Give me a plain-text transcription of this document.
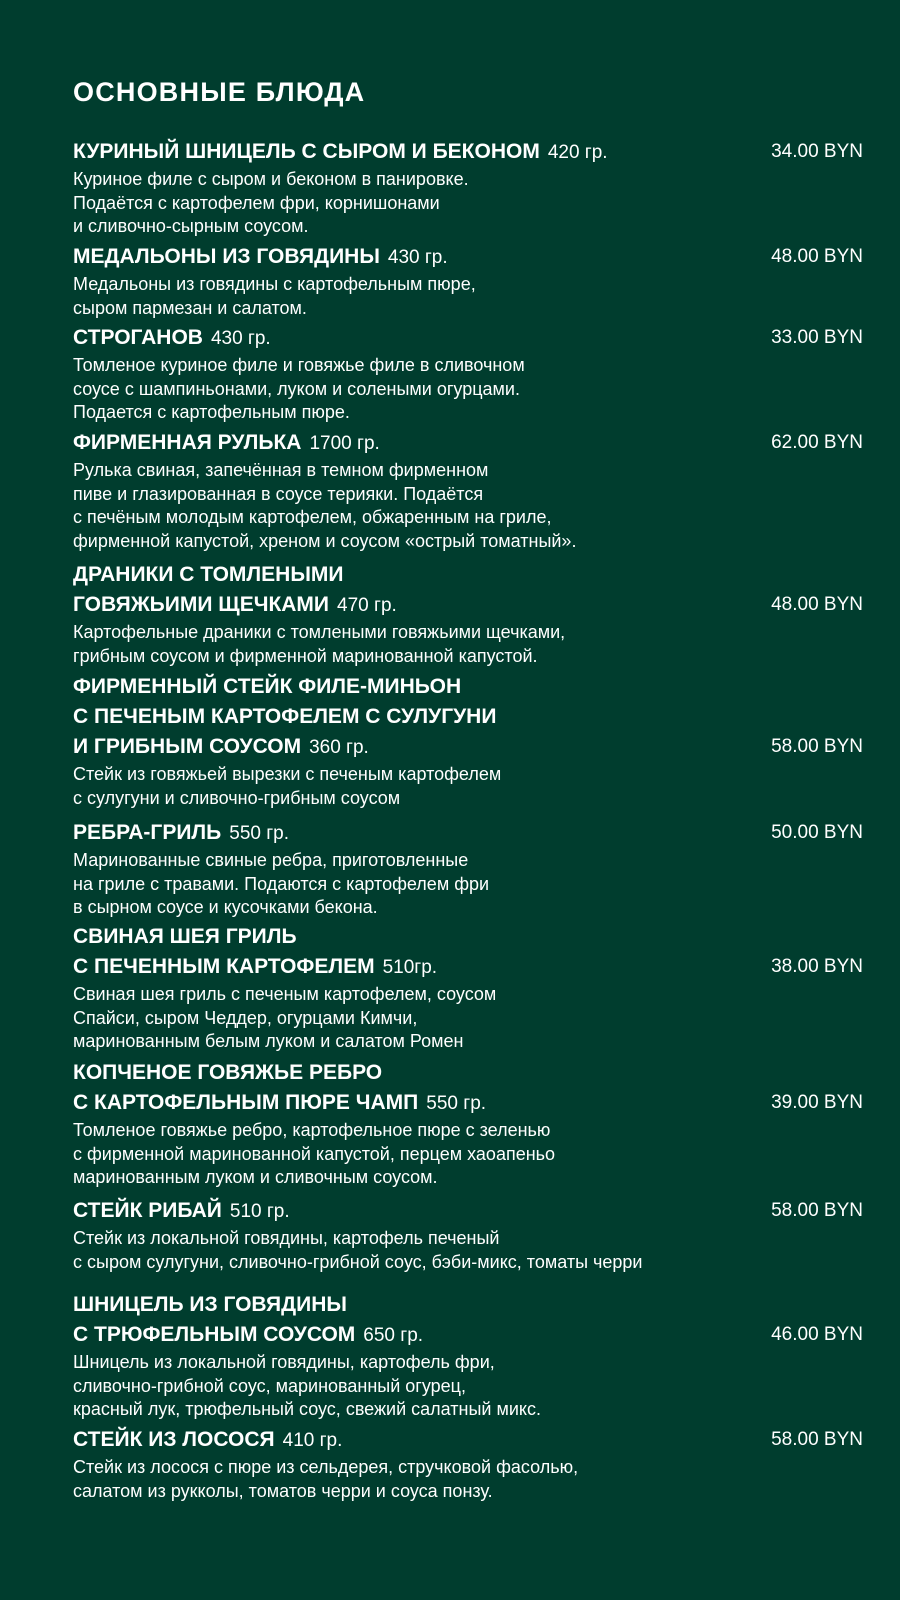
ОСНОВНЫЕ БЛЮДА
КУРИНЫЙ ШНИЦЕЛЬ С СЫРОМ И БЕКОНОМ 420 гр.	34.00 BYN
Куриное филе с сыром и беконом в панировке.
Подаётся с картофелем фри, корнишонами
и сливочно-сырным соусом.
МЕДАЛЬОНЫ ИЗ ГОВЯДИНЫ 430 гр.	48.00 BYN
Медальоны из говядины с картофельным пюре,
сыром пармезан и салатом.
СТРОГАНОВ 430 гр.	33.00 BYN
Томленое куриное филе и говяжье филе в сливочном
соусе с шампиньонами, луком и солеными огурцами.
Подается с картофельным пюре.
ФИРМЕННАЯ РУЛЬКА 1700 гр.	62.00 BYN
Рулька свиная, запечённая в темном фирменном
пиве и глазированная в соусе терияки. Подаётся
с печёным молодым картофелем, обжаренным на гриле,
фирменной капустой, хреном и соусом «острый томатный».
ДРАНИКИ С ТОМЛЕНЫМИ
ГОВЯЖЬИМИ ЩЕЧКАМИ 470 гр.	48.00 BYN
Картофельные драники с томлеными говяжьими щечками,
грибным соусом и фирменной маринованной капустой.
ФИРМЕННЫЙ СТЕЙК ФИЛЕ-МИНЬОН
С ПЕЧЕНЫМ КАРТОФЕЛЕМ С СУЛУГУНИ
И ГРИБНЫМ СОУСОМ 360 гр.	58.00 BYN
Стейк из говяжьей вырезки с печеным картофелем
с сулугуни и сливочно-грибным соусом
РЕБРА-ГРИЛЬ 550 гр.	50.00 BYN
Маринованные свиные ребра, приготовленные
на гриле с травами. Подаются с картофелем фри
в сырном соусе и кусочками бекона.
СВИНАЯ ШЕЯ ГРИЛЬ
С ПЕЧЕННЫМ КАРТОФЕЛЕМ 510гр.	38.00 BYN
Свиная шея гриль с печеным картофелем, соусом
Спайси, сыром Чеддер, огурцами Кимчи,
маринованным белым луком и салатом Ромен
КОПЧЕНОЕ ГОВЯЖЬЕ РЕБРО
С КАРТОФЕЛЬНЫМ ПЮРЕ ЧАМП 550 гр.	39.00 BYN
Томленое говяжье ребро, картофельное пюре с зеленью
с фирменной маринованной капустой, перцем хаоапеньо
маринованным луком и сливочным соусом.
СТЕЙК РИБАЙ 510 гр.	58.00 BYN
Стейк из локальной говядины, картофель печеный
с сыром сулугуни, сливочно-грибной соус, бэби-микс, томаты черри
ШНИЦЕЛЬ ИЗ ГОВЯДИНЫ
С ТРЮФЕЛЬНЫМ СОУСОМ 650 гр.	46.00 BYN
Шницель из локальной говядины, картофель фри,
сливочно-грибной соус, маринованный огурец,
красный лук, трюфельный соус, свежий салатный микс.
СТЕЙК ИЗ ЛОСОСЯ 410 гр.	58.00 BYN
Стейк из лосося с пюре из сельдерея, стручковой фасолью,
салатом из рукколы, томатов черри и соуса понзу.
